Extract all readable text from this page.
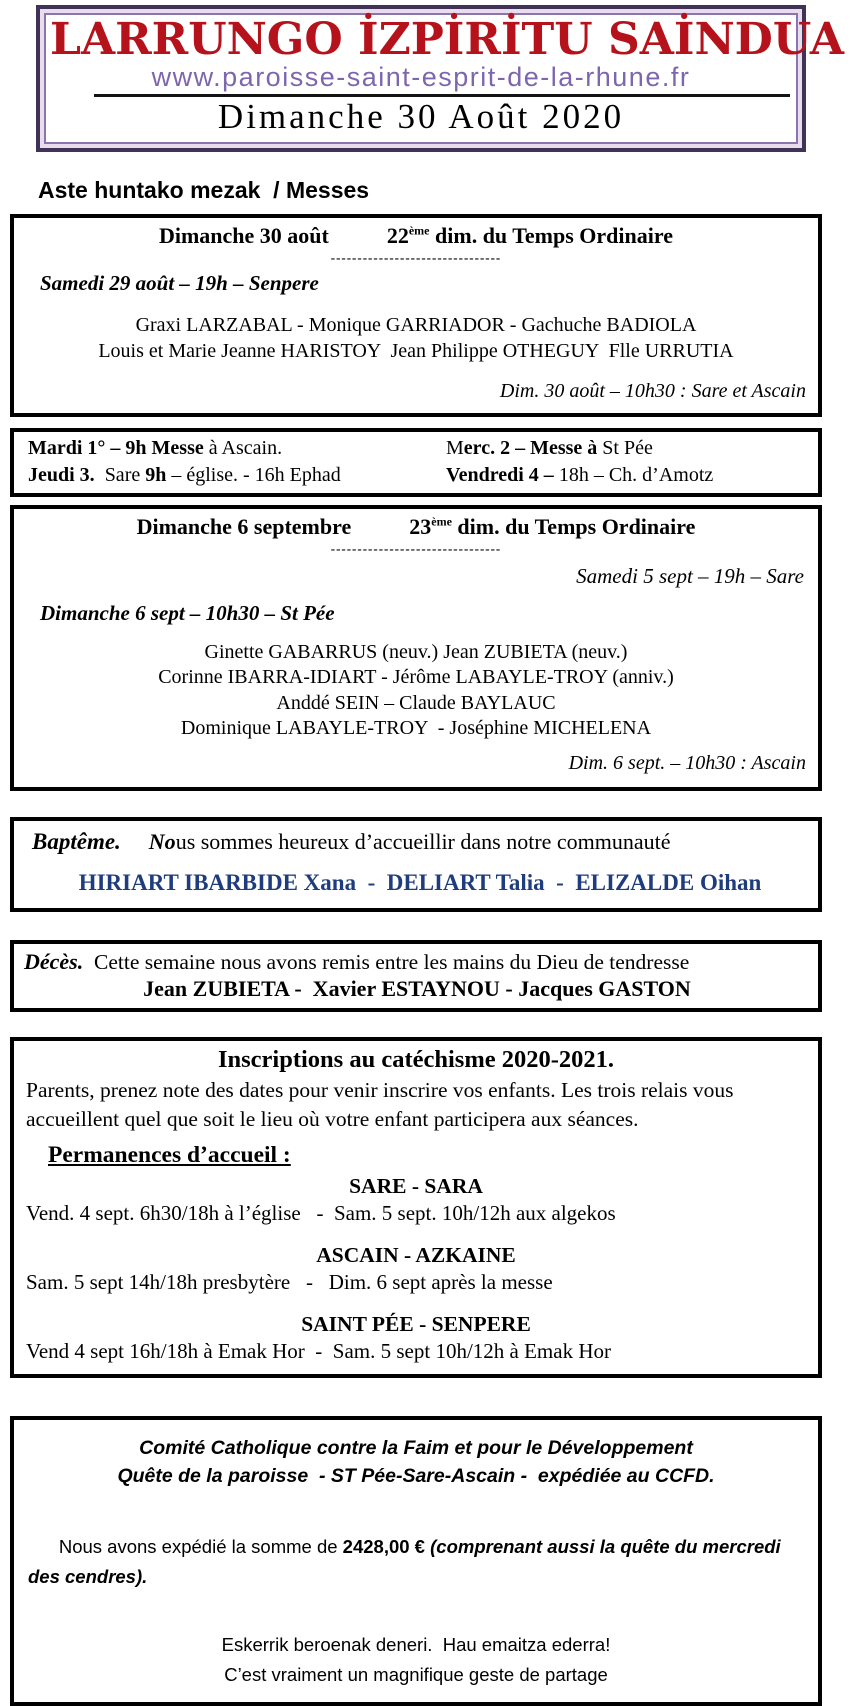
LARRUNGO İZPİRİTU SAİNDUA
www.paroisse-saint-esprit-de-la-rhune.fr
Dimanche 30 Août 2020
Aste huntako mezak  / Messes
Dimanche 30 août	22ème dim. du Temps Ordinaire
--------------------------------
Samedi 29 août – 19h – Senpere
Graxi LARZABAL - Monique GARRIADOR - Gachuche BADIOLA
Louis et Marie Jeanne HARISTOY  Jean Philippe OTHEGUY  Flle URRUTIA
Dim. 30 août – 10h30 : Sare et Ascain
Mardi 1° – 9h Messe à Ascain.	Merc. 2 – Messe à St Pée
Jeudi 3.  Sare 9h – église. - 16h Ephad	Vendredi 4 – 18h – Ch. d’Amotz
Dimanche 6 septembre	23ème dim. du Temps Ordinaire
--------------------------------
Samedi 5 sept – 19h – Sare
Dimanche 6 sept – 10h30 – St Pée
Ginette GABARRUS (neuv.) Jean ZUBIETA (neuv.)
Corinne IBARRA-IDIART - Jérôme LABAYLE-TROY (anniv.)
Anddé SEIN – Claude BAYLAUC
Dominique LABAYLE-TROY  - Joséphine MICHELENA
Dim. 6 sept. – 10h30 : Ascain
Baptême. Nous sommes heureux d’accueillir dans notre communauté
HIRIART IBARBIDE Xana  -  DELIART Talia  -  ELIZALDE Oihan
Décès.  Cette semaine nous avons remis entre les mains du Dieu de tendresse
Jean ZUBIETA -  Xavier ESTAYNOU - Jacques GASTON
Inscriptions au catéchisme 2020-2021.
Parents, prenez note des dates pour venir inscrire vos enfants. Les trois relais vous accueillent quel que soit le lieu où votre enfant participera aux séances.
Permanences d’accueil :
SARE - SARA
Vend. 4 sept. 6h30/18h à l’église   -  Sam. 5 sept. 10h/12h aux algekos
ASCAIN - AZKAINE
Sam. 5 sept 14h/18h presbytère   -   Dim. 6 sept après la messe
SAINT PÉE - SENPERE
Vend 4 sept 16h/18h à Emak Hor  -  Sam. 5 sept 10h/12h à Emak Hor
Comité Catholique contre la Faim et pour le Développement
Quête de la paroisse  - ST Pée-Sare-Ascain -  expédiée au CCFD.

Nous avons expédié la somme de 2428,00 € (comprenant aussi la quête du mercredi des cendres).

Eskerrik beroenak deneri.  Hau emaitza ederra!
C’est vraiment un magnifique geste de partage
